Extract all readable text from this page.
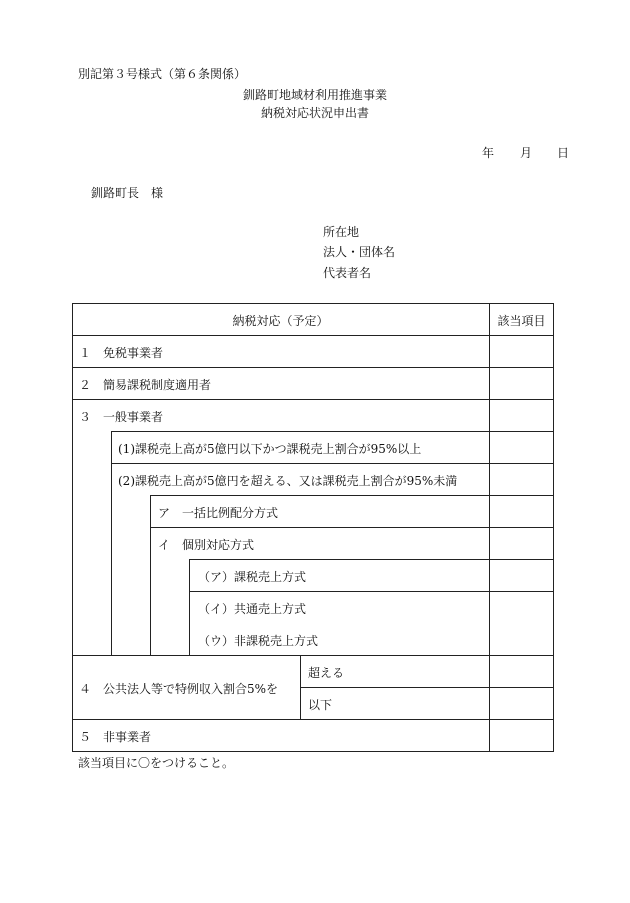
別記第３号様式（第６条関係）
釧路町地域材利用推進事業
納税対応状況申出書
年 月 日
釧路町長　様
所在地
法人・団体名
代表者名
納税対応（予定）	該当項目
１　免税事業者
２　簡易課税制度適用者
３　一般事業者
(1)課税売上高が5億円以下かつ課税売上割合が95%以上
(2)課税売上高が5億円を超える、又は課税売上割合が95%未満
ア　一括比例配分方式
イ　個別対応方式
（ア）課税売上方式
（イ）共通売上方式
（ウ）非課税売上方式
４　公共法人等で特例収入割合5%を
超える
以下
５　非事業者
該当項目に〇をつけること。
